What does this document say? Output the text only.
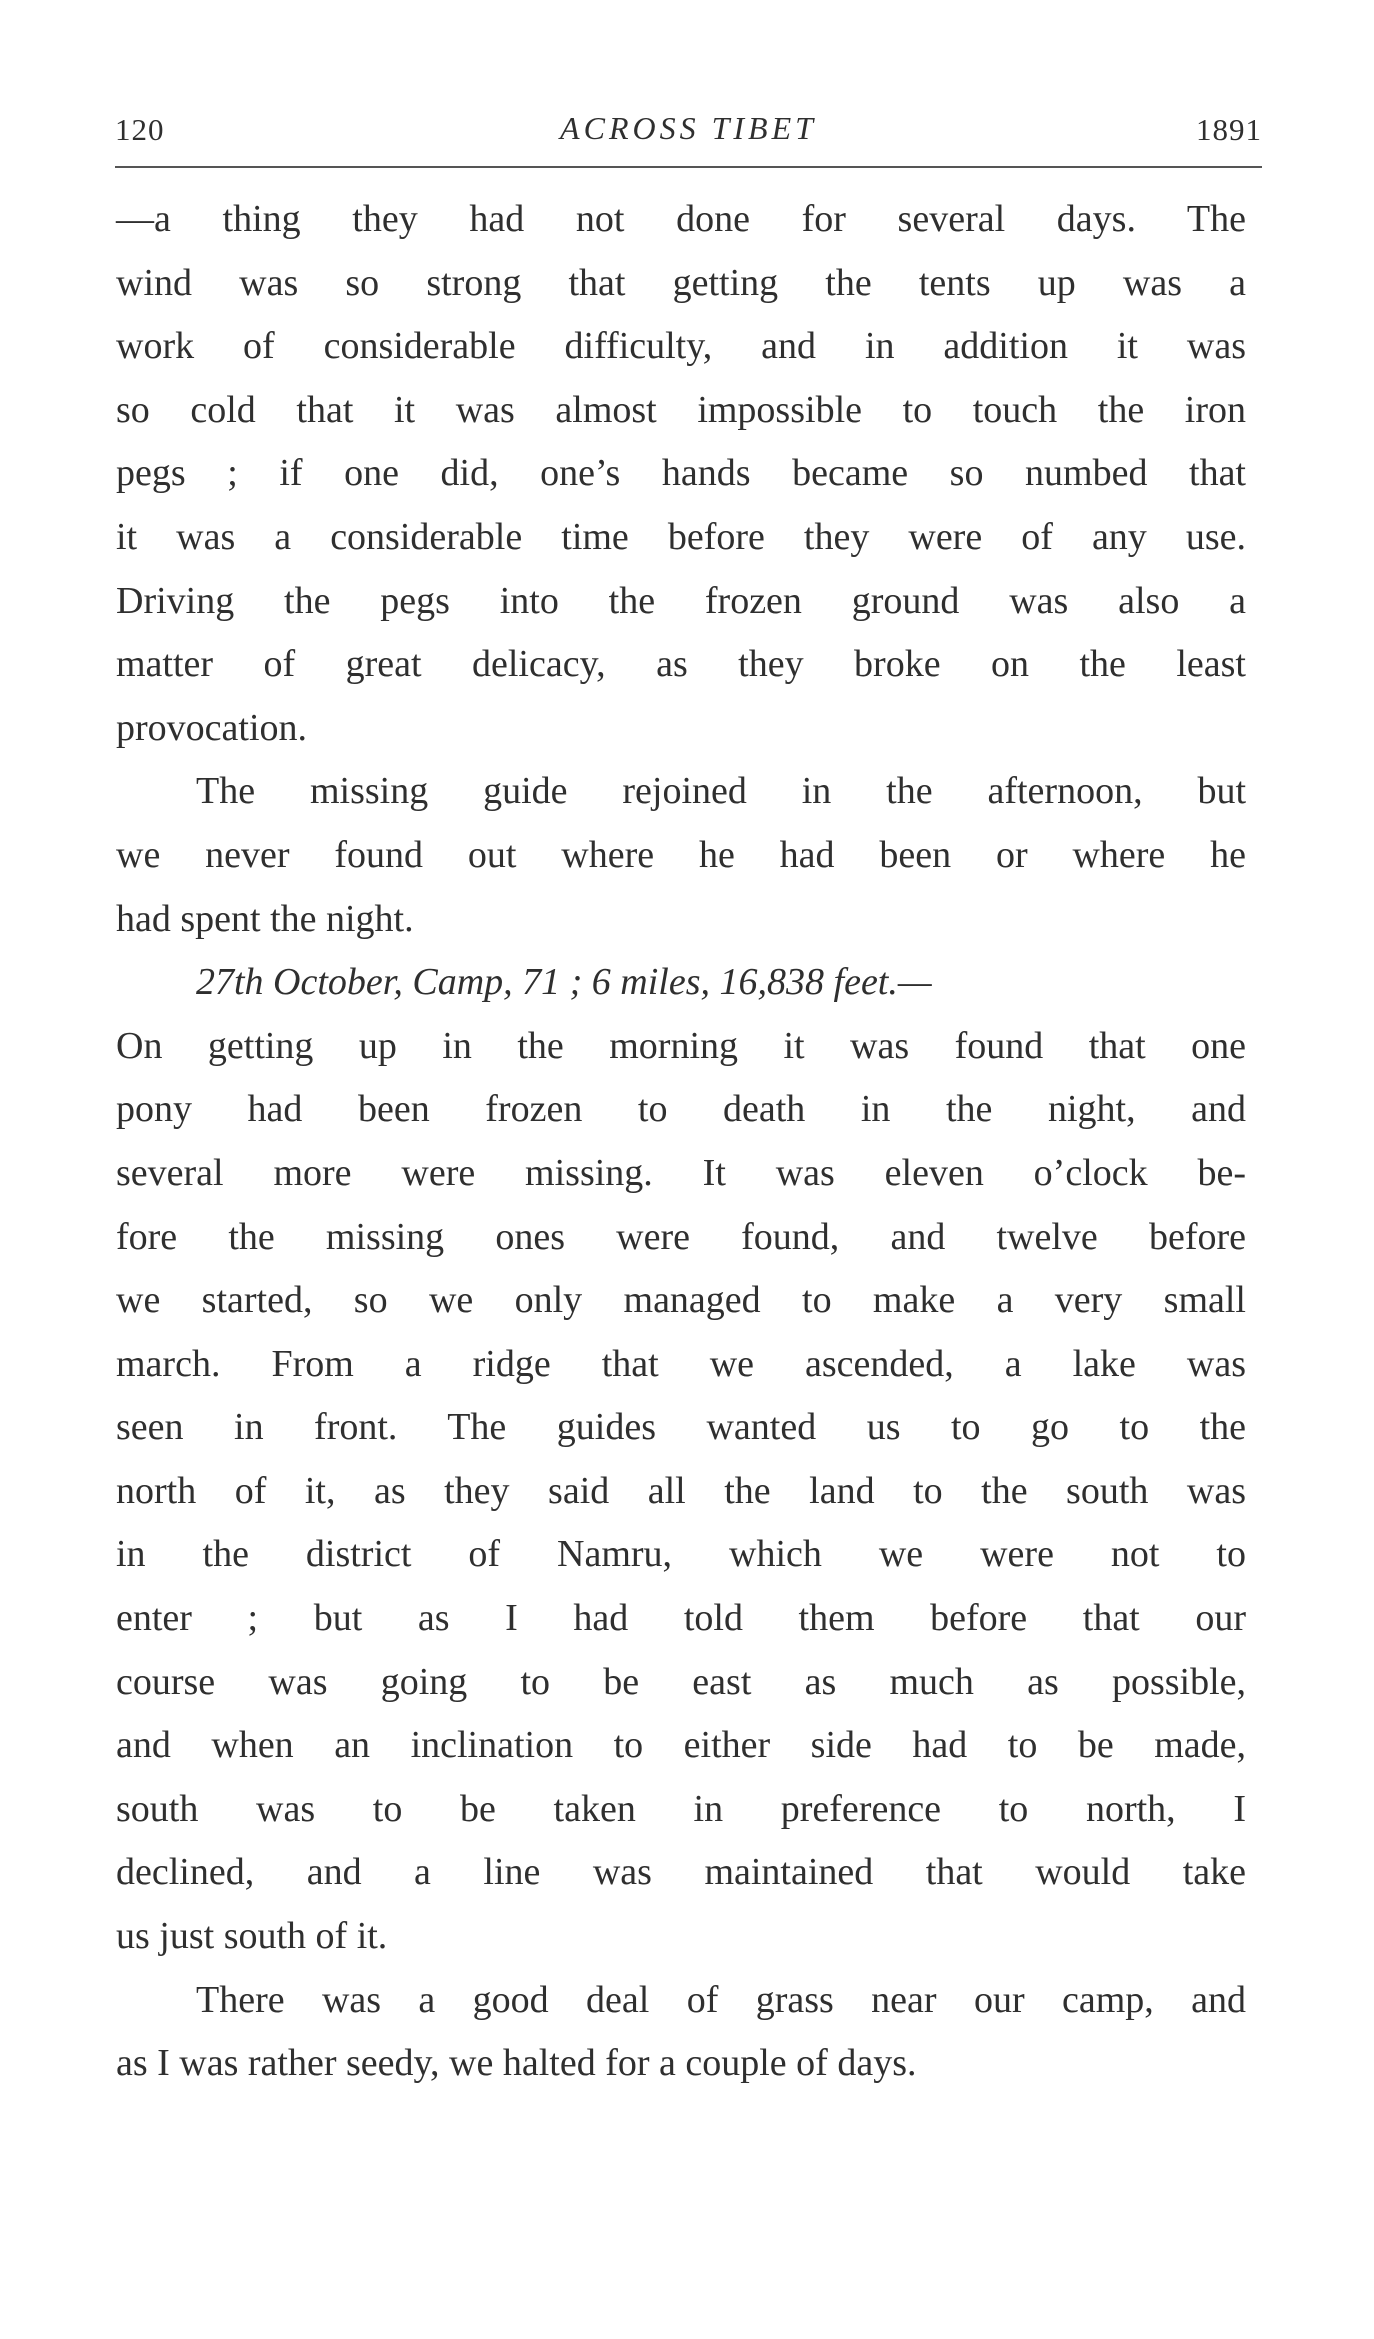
120	ACROSS TIBET	1891
—a thing they had not done for several days. The
wind was so strong that getting the tents up was a
work of considerable difficulty, and in addition it was
so cold that it was almost impossible to touch the iron
pegs ; if one did, one’s hands became so numbed that
it was a considerable time before they were of any use.
Driving the pegs into the frozen ground was also a
matter of great delicacy, as they broke on the least
provocation.
The missing guide rejoined in the afternoon, but
we never found out where he had been or where he
had spent the night.
27th October, Camp, 71 ; 6 miles, 16,838 feet.—
On getting up in the morning it was found that one
pony had been frozen to death in the night, and
several more were missing. It was eleven o’clock be-
fore the missing ones were found, and twelve before
we started, so we only managed to make a very small
march. From a ridge that we ascended, a lake was
seen in front. The guides wanted us to go to the
north of it, as they said all the land to the south was
in the district of Namru, which we were not to
enter ; but as I had told them before that our
course was going to be east as much as possible,
and when an inclination to either side had to be made,
south was to be taken in preference to north, I
declined, and a line was maintained that would take
us just south of it.
There was a good deal of grass near our camp, and
as I was rather seedy, we halted for a couple of days.
